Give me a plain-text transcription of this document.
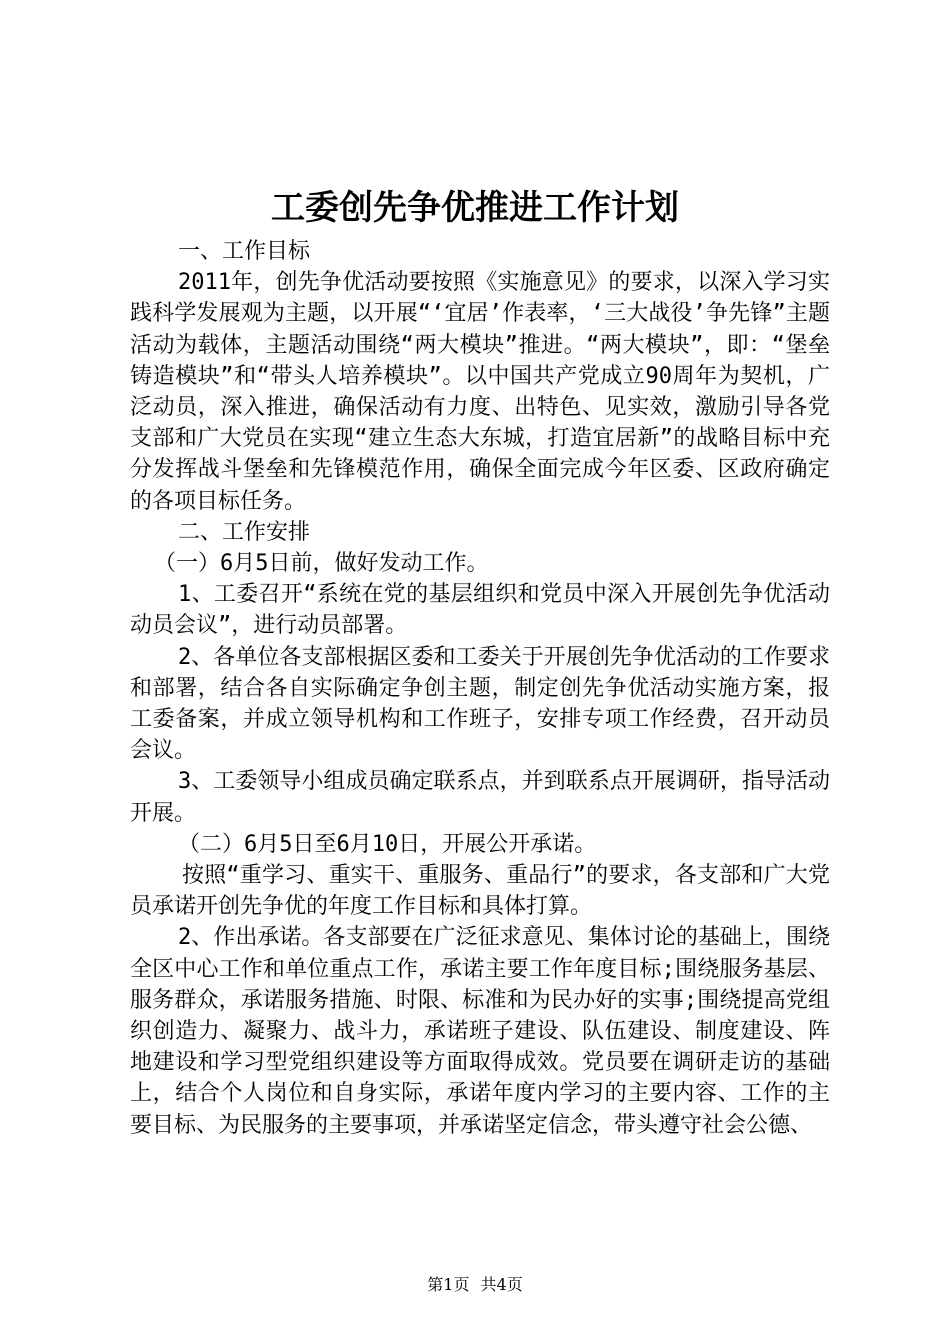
工委创先争优推进工作计划

一、工作目标

2011年，创先争优活动要按照《实施意见》的要求，以深入学习实践科学发展观为主题，以开展“‘宜居’作表率，‘三大战役’争先锋”主题活动为载体，主题活动围绕“两大模块”推进。“两大模块”，即：“堡垒铸造模块”和“带头人培养模块”。以中国共产党成立90周年为契机，广泛动员，深入推进，确保活动有力度、出特色、见实效，激励引导各党支部和广大党员在实现“建立生态大东城，打造宜居新”的战略目标中充分发挥战斗堡垒和先锋模范作用，确保全面完成今年区委、区政府确定的各项目标任务。

二、工作安排

（一）6月5日前，做好发动工作。

1、工委召开“系统在党的基层组织和党员中深入开展创先争优活动动员会议”，进行动员部署。

2、各单位各支部根据区委和工委关于开展创先争优活动的工作要求和部署，结合各自实际确定争创主题，制定创先争优活动实施方案，报工委备案，并成立领导机构和工作班子，安排专项工作经费，召开动员会议。

3、工委领导小组成员确定联系点，并到联系点开展调研，指导活动开展。

（二）6月5日至6月10日，开展公开承诺。

按照“重学习、重实干、重服务、重品行”的要求，各支部和广大党员承诺开创先争优的年度工作目标和具体打算。

2、作出承诺。各支部要在广泛征求意见、集体讨论的基础上，围绕全区中心工作和单位重点工作，承诺主要工作年度目标;围绕服务基层、服务群众，承诺服务措施、时限、标准和为民办好的实事;围绕提高党组织创造力、凝聚力、战斗力，承诺班子建设、队伍建设、制度建设、阵地建设和学习型党组织建设等方面取得成效。党员要在调研走访的基础上，结合个人岗位和自身实际，承诺年度内学习的主要内容、工作的主要目标、为民服务的主要事项，并承诺坚定信念，带头遵守社会公德、

第1页 共4页
